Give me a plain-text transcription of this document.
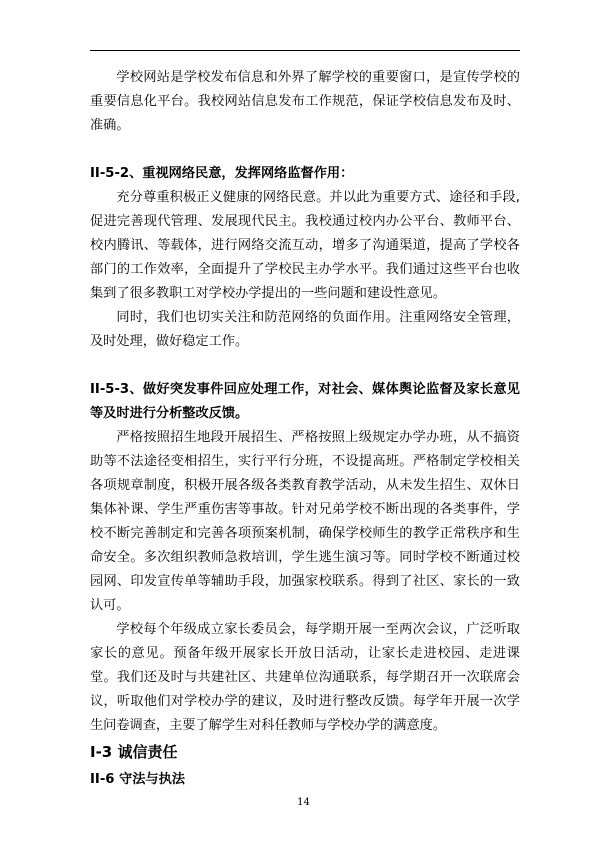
学校网站是学校发布信息和外界了解学校的重要窗口，是宣传学校的重要信息化平台。我校网站信息发布工作规范，保证学校信息发布及时、准确。

II-5-2、重视网络民意，发挥网络监督作用：

充分尊重积极正义健康的网络民意。并以此为重要方式、途径和手段,促进完善现代管理、发展现代民主。我校通过校内办公平台、教师平台、校内腾讯、等载体，进行网络交流互动，增多了沟通渠道，提高了学校各部门的工作效率，全面提升了学校民主办学水平。我们通过这些平台也收集到了很多教职工对学校办学提出的一些问题和建设性意见。

同时，我们也切实关注和防范网络的负面作用。注重网络安全管理，及时处理，做好稳定工作。

II-5-3、做好突发事件回应处理工作，对社会、媒体舆论监督及家长意见等及时进行分析整改反馈。

严格按照招生地段开展招生、严格按照上级规定办学办班，从不搞资助等不法途径变相招生，实行平行分班，不设提高班。严格制定学校相关各项规章制度，积极开展各级各类教育教学活动，从未发生招生、双休日集体补课、学生严重伤害等事故。针对兄弟学校不断出现的各类事件，学校不断完善制定和完善各项预案机制，确保学校师生的教学正常秩序和生命安全。多次组织教师急救培训，学生逃生演习等。同时学校不断通过校园网、印发宣传单等辅助手段，加强家校联系。得到了社区、家长的一致认可。

学校每个年级成立家长委员会，每学期开展一至两次会议，广泛听取家长的意见。预备年级开展家长开放日活动，让家长走进校园、走进课堂。我们还及时与共建社区、共建单位沟通联系，每学期召开一次联席会议，听取他们对学校办学的建议，及时进行整改反馈。每学年开展一次学生问卷调查，主要了解学生对科任教师与学校办学的满意度。

I-3 诚信责任
II-6 守法与执法
14
